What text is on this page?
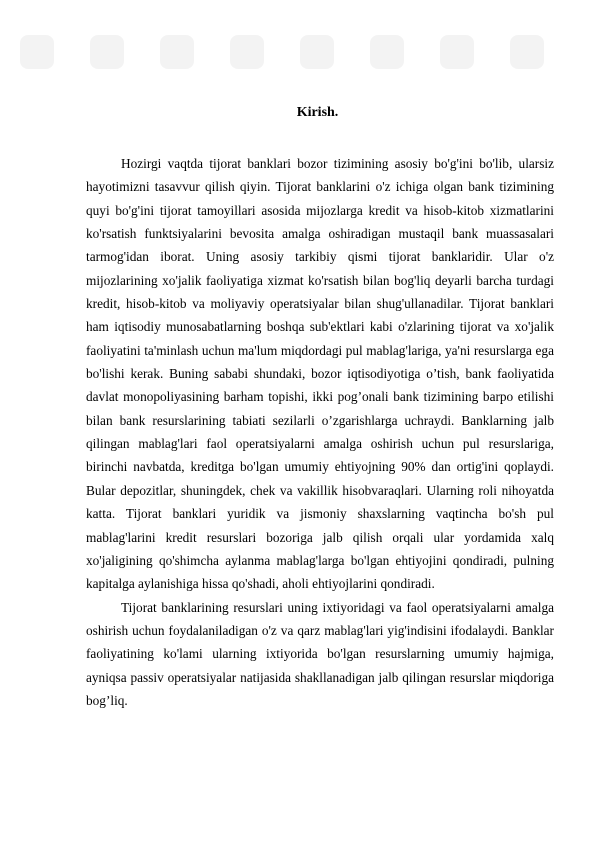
Kirish.

Hozirgi vaqtda tijorat banklari bozor tizimining asosiy bo'g'ini bo'lib, ularsiz hayotimizni tasavvur qilish qiyin. Tijorat banklarini o'z ichiga olgan bank tizimining quyi bo'g'ini tijorat tamoyillari asosida mijozlarga kredit va hisob-kitob xizmatlarini ko'rsatish funktsiyalarini bevosita amalga oshiradigan mustaqil bank muassasalari tarmog'idan iborat. Uning asosiy tarkibiy qismi tijorat banklaridir. Ular o'z mijozlarining xo'jalik faoliyatiga xizmat ko'rsatish bilan bog'liq deyarli barcha turdagi kredit, hisob-kitob va moliyaviy operatsiyalar bilan shug'ullanadilar. Tijorat banklari ham iqtisodiy munosabatlarning boshqa sub'ektlari kabi o'zlarining tijorat va xo'jalik faoliyatini ta'minlash uchun ma'lum miqdordagi pul mablag'lariga, ya'ni resurslarga ega bo'lishi kerak. Buning sababi shundaki, bozor iqtisodiyotiga o’tish, bank faoliyatida davlat monopoliyasining barham topishi, ikki pog’onali bank tizimining barpo etilishi bilan bank resurslarining tabiati sezilarli o’zgarishlarga uchraydi. Banklarning jalb qilingan mablag'lari faol operatsiyalarni amalga oshirish uchun pul resurslariga, birinchi navbatda, kreditga bo'lgan umumiy ehtiyojning 90% dan ortig'ini qoplaydi. Bular depozitlar, shuningdek, chek va vakillik hisobvaraqlari. Ularning roli nihoyatda katta. Tijorat banklari yuridik va jismoniy shaxslarning vaqtincha bo'sh pul mablag'larini kredit resurslari bozoriga jalb qilish orqali ular yordamida xalq xo'jaligining qo'shimcha aylanma mablag'larga bo'lgan ehtiyojini qondiradi, pulning kapitalga aylanishiga hissa qo'shadi, aholi ehtiyojlarini qondiradi.

Tijorat banklarining resurslari uning ixtiyoridagi va faol operatsiyalarni amalga oshirish uchun foydalaniladigan o'z va qarz mablag'lari yig'indisini ifodalaydi. Banklar faoliyatining ko'lami ularning ixtiyorida bo'lgan resurslarning umumiy hajmiga, ayniqsa passiv operatsiyalar natijasida shakllanadigan jalb qilingan resurslar miqdoriga bog’liq.
